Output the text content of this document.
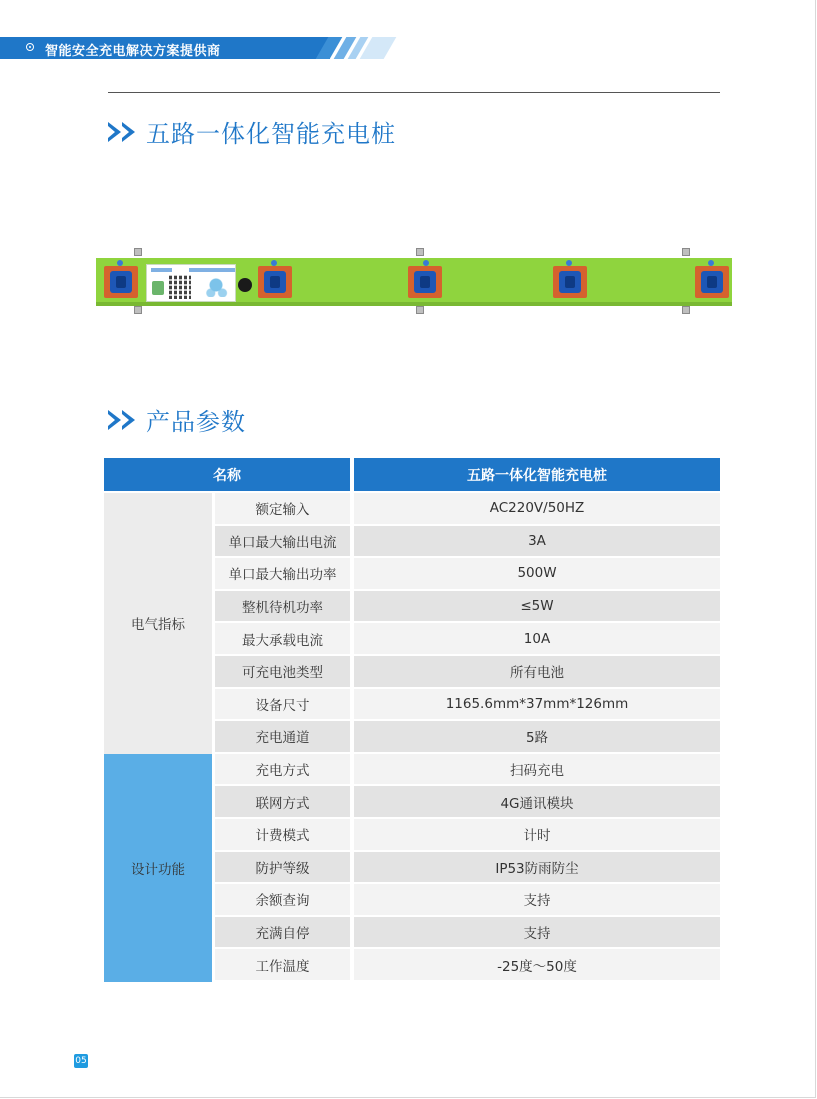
智能安全充电解决方案提供商
五路一体化智能充电桩
产品参数
名称		五路一体化智能充电桩
电气指标	额定输入	AC220V/50HZ
	单口最大输出电流	3A
	单口最大输出功率	500W
	整机待机功率	≤5W
	最大承载电流	10A
	可充电池类型	所有电池
	设备尺寸	1165.6mm*37mm*126mm
	充电通道	5路
设计功能	充电方式	扫码充电
	联网方式	4G通讯模块
	计费模式	计时
	防护等级	IP53防雨防尘
	余额查询	支持
	充满自停	支持
	工作温度	-25度～50度
05
